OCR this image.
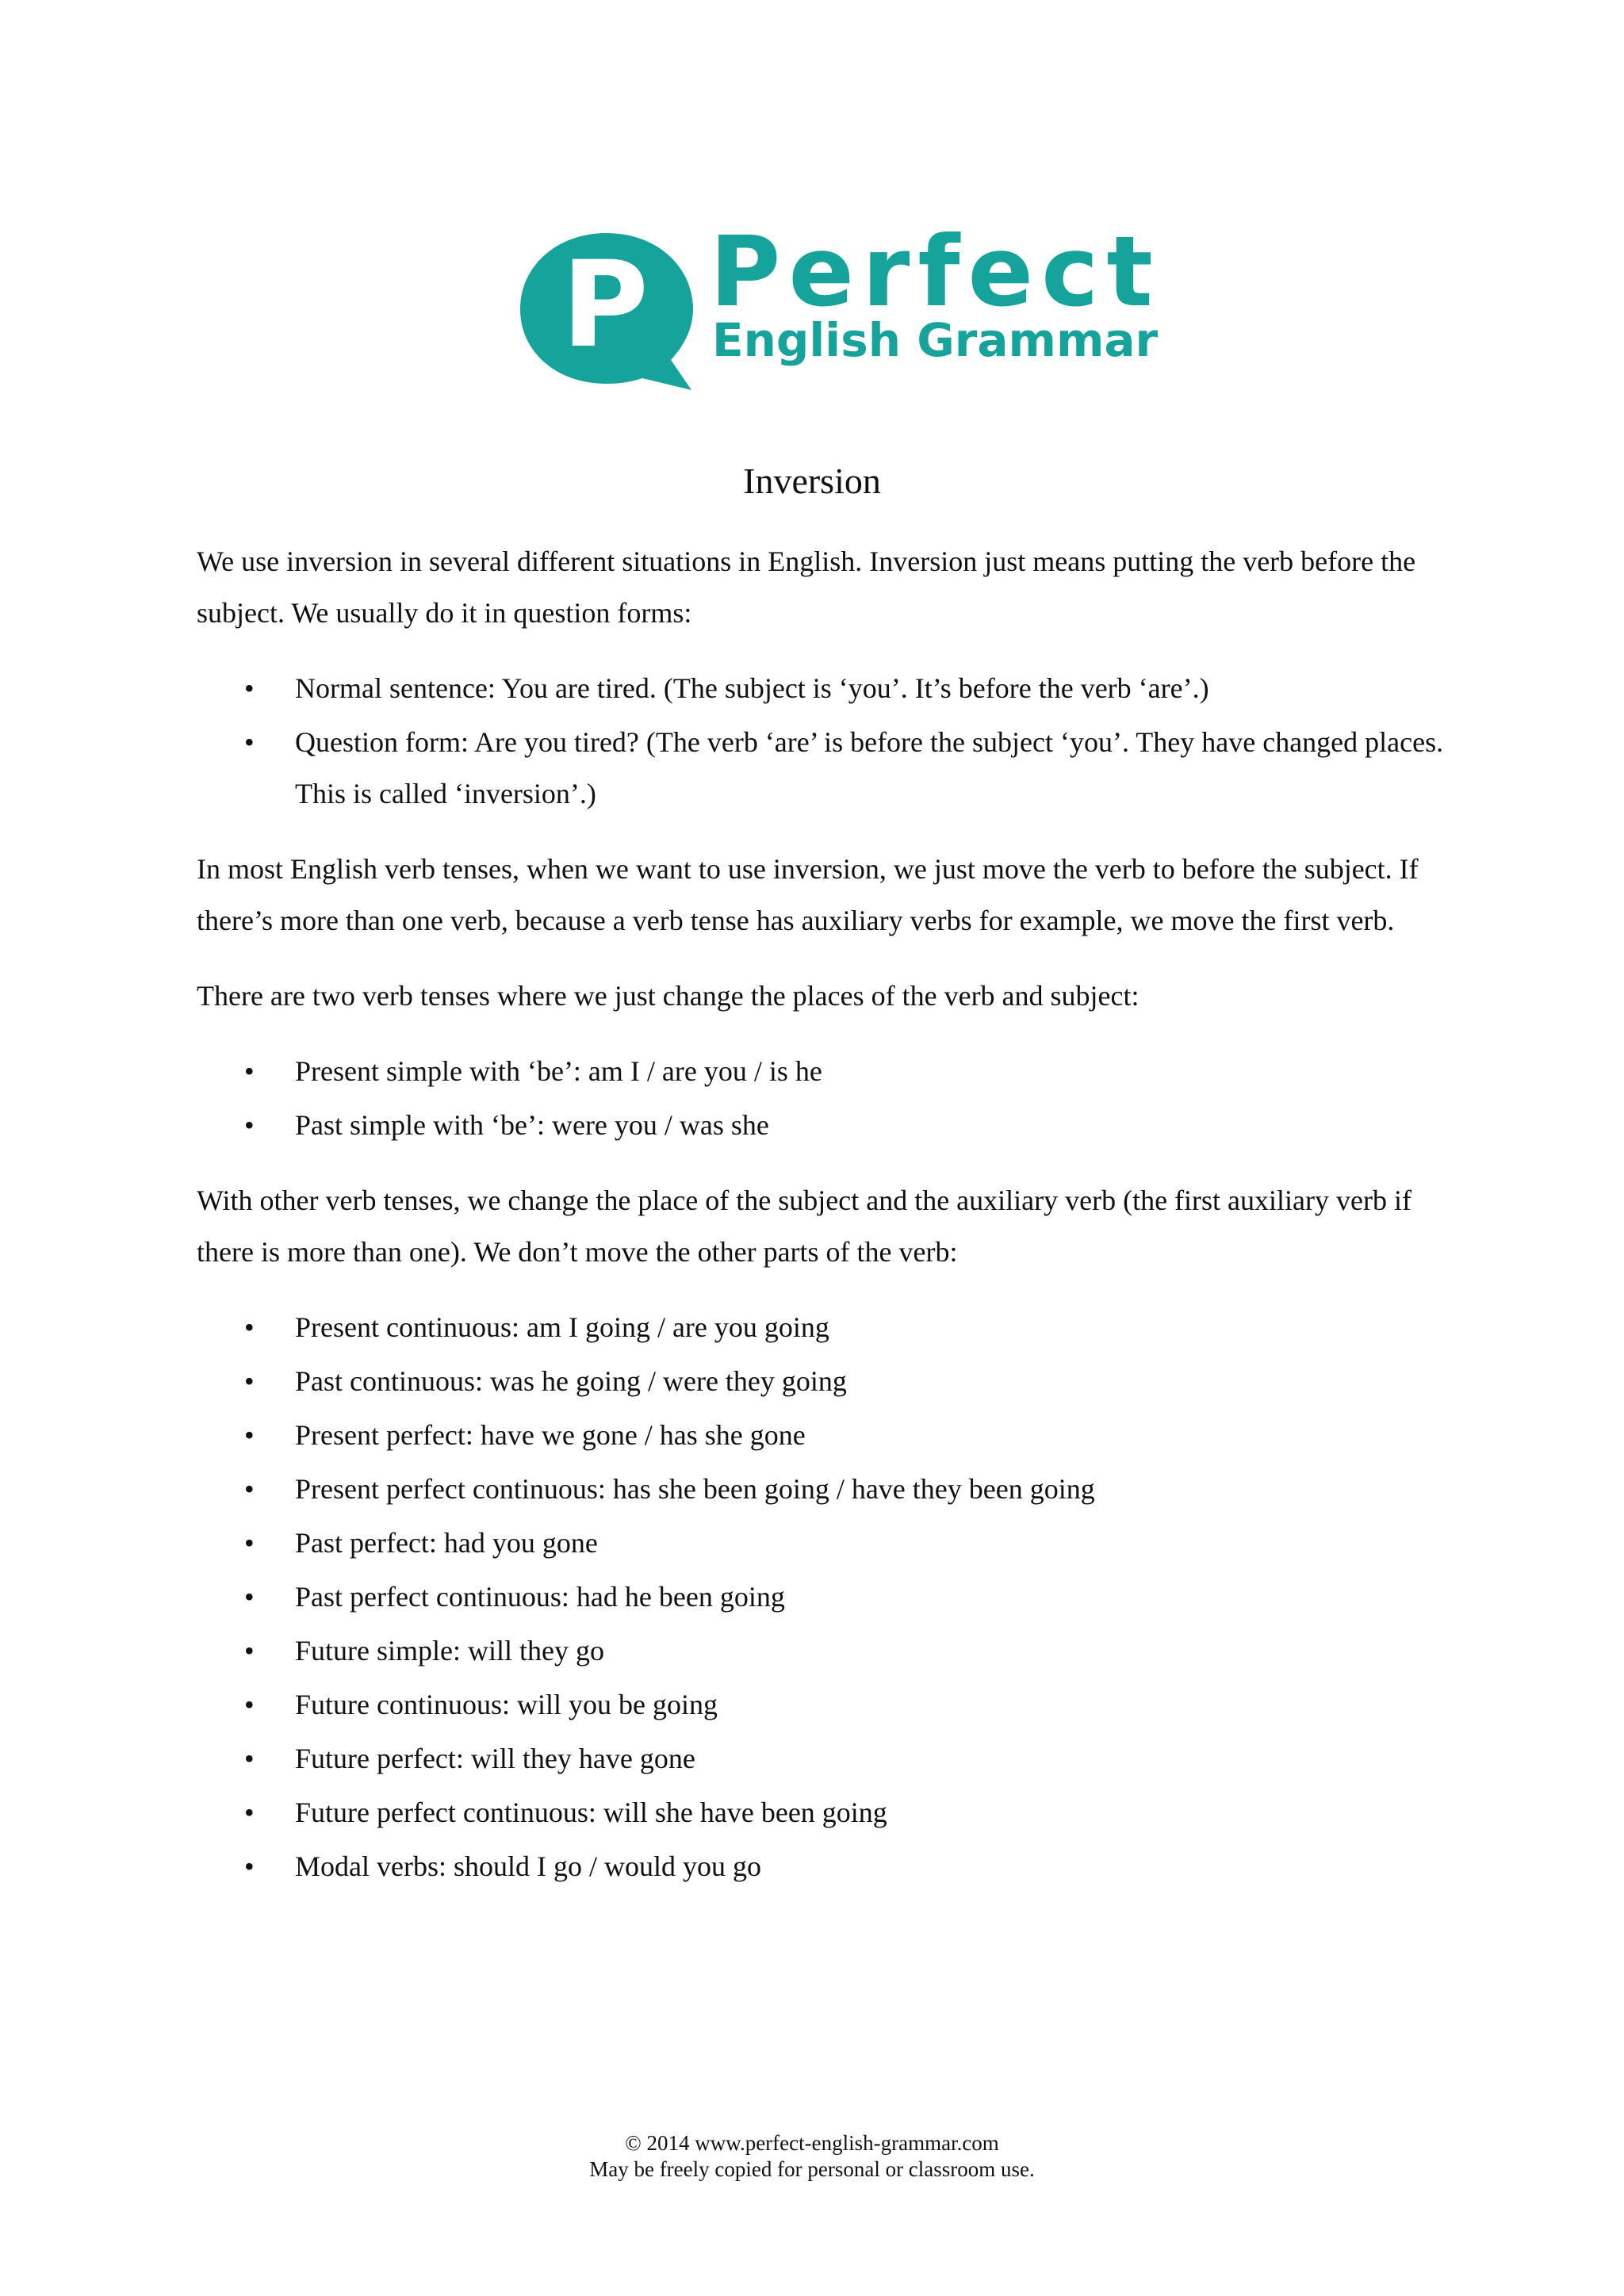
P Perfect
English Grammar
Inversion

We use inversion in several different situations in English. Inversion just means putting the verb before the subject. We usually do it in question forms:

•	Normal sentence: You are tired. (The subject is ‘you’. It’s before the verb ‘are’.)
•	Question form: Are you tired? (The verb ‘are’ is before the subject ‘you’. They have changed places. This is called ‘inversion’.)

In most English verb tenses, when we want to use inversion, we just move the verb to before the subject. If there’s more than one verb, because a verb tense has auxiliary verbs for example, we move the first verb.

There are two verb tenses where we just change the places of the verb and subject:

•	Present simple with ‘be’: am I / are you / is he
•	Past simple with ‘be’: were you / was she

With other verb tenses, we change the place of the subject and the auxiliary verb (the first auxiliary verb if there is more than one). We don’t move the other parts of the verb:

•	Present continuous: am I going / are you going
•	Past continuous: was he going / were they going
•	Present perfect: have we gone / has she gone
•	Present perfect continuous: has she been going / have they been going
•	Past perfect: had you gone
•	Past perfect continuous: had he been going
•	Future simple: will they go
•	Future continuous: will you be going
•	Future perfect: will they have gone
•	Future perfect continuous: will she have been going
•	Modal verbs: should I go / would you go
© 2014 www.perfect-english-grammar.com
May be freely copied for personal or classroom use.
